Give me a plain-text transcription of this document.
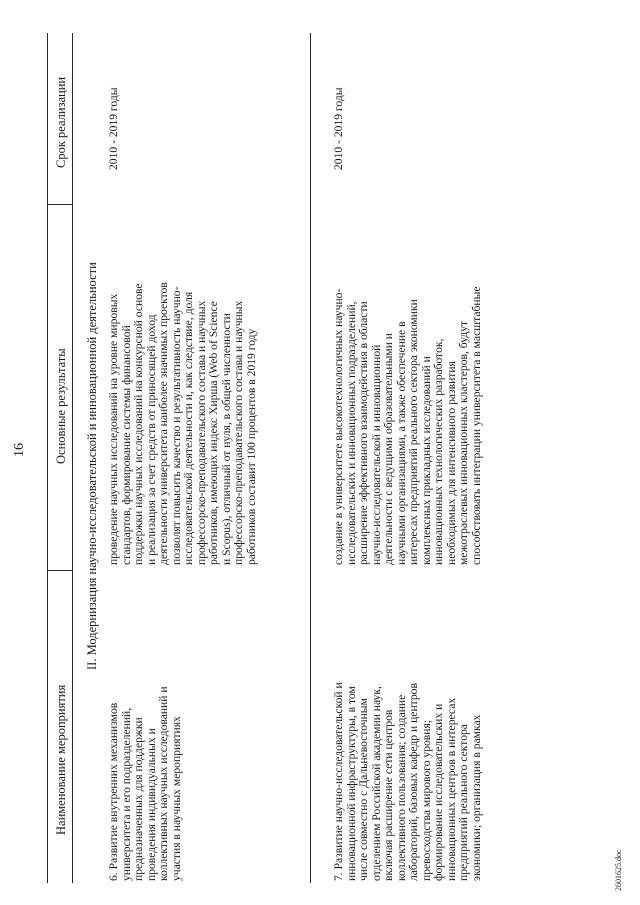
16
Наименование мероприятия
Основные результаты
Срок реализации
II. Модернизация научно-исследовательской и инновационной деятельности
6. Развитие внутренних механизмов университета и его подразделений, предназначенных для поддержки проведения индивидуальных и коллективных научных исследований и участия в научных мероприятиях
проведение научных исследований на уровне мировых стандартов, формирование системы финансовой поддержки научных исследований на конкурсной основе и реализация за счет средств от приносящей доход деятельности университета наиболее значимых проектов позволят повысить качество и результативность научно- исследовательской деятельности и, как следствие, доля профессорско-преподавательского состава и научных работников, имеющих индекс Хирша (Web of Science и Scopus), отличный от нуля, в общей численности профессорско-преподавательского состава и научных работников составит 100 процентов в 2019 году
2010 - 2019 годы
7. Развитие научно-исследовательской и инновационной инфраструктуры, в том числе совместно с Дальневосточным отделением Российской академии наук, включая расширение сети центров коллективного пользования; создание лабораторий, базовых кафедр и центров превосходства мирового уровня; формирование исследовательских и инновационных центров в интересах предприятий реального сектора экономики; организация в рамках
создание в университете высокотехнологичных научно- исследовательских и инновационных подразделений, расширение эффективного взаимодействия в области научно-исследовательской и инновационной деятельности с ведущими образовательными и научными организациями, а также обеспечение в интересах предприятий реального сектора экономики комплексных прикладных исследований и инновационных технологических разработок, необходимых для интенсивного развития межотраслевых инновационных кластеров, будут способствовать интеграции университета в масштабные
2010 - 2019 годы
2601625.doc
